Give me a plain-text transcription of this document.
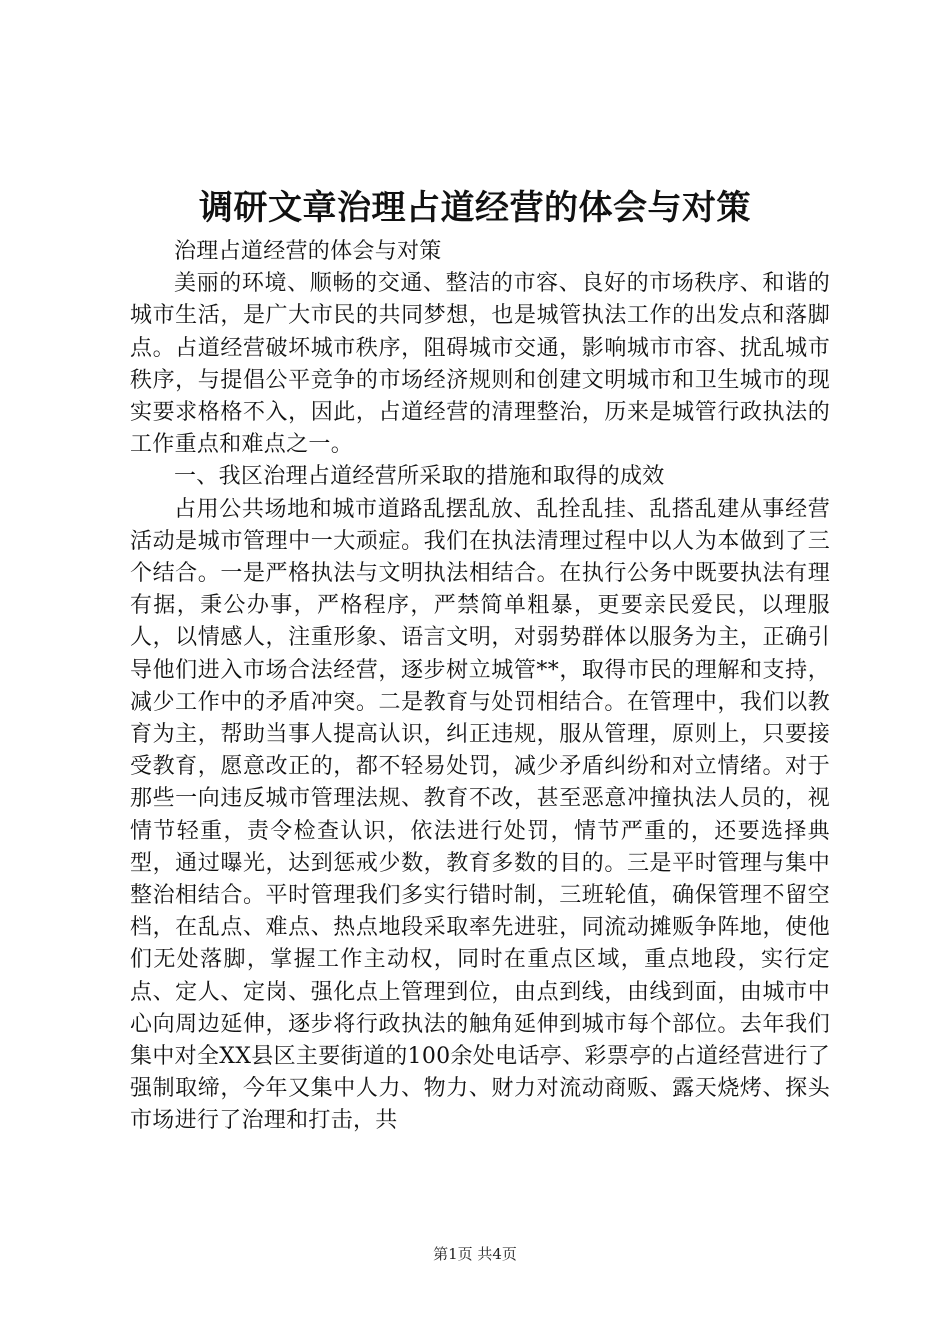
调研文章治理占道经营的体会与对策

治理占道经营的体会与对策

美丽的环境、顺畅的交通、整洁的市容、良好的市场秩序、和谐的城市生活，是广大市民的共同梦想，也是城管执法工作的出发点和落脚点。占道经营破坏城市秩序，阻碍城市交通，影响城市市容、扰乱城市秩序，与提倡公平竞争的市场经济规则和创建文明城市和卫生城市的现实要求格格不入，因此，占道经营的清理整治，历来是城管行政执法的工作重点和难点之一。

一、我区治理占道经营所采取的措施和取得的成效

占用公共场地和城市道路乱摆乱放、乱拴乱挂、乱搭乱建从事经营活动是城市管理中一大顽症。我们在执法清理过程中以人为本做到了三个结合。一是严格执法与文明执法相结合。在执行公务中既要执法有理有据，秉公办事，严格程序，严禁简单粗暴，更要亲民爱民，以理服人，以情感人，注重形象、语言文明，对弱势群体以服务为主，正确引导他们进入市场合法经营，逐步树立城管**，取得市民的理解和支持，减少工作中的矛盾冲突。二是教育与处罚相结合。在管理中，我们以教育为主，帮助当事人提高认识，纠正违规，服从管理，原则上，只要接受教育，愿意改正的，都不轻易处罚，减少矛盾纠纷和对立情绪。对于那些一向违反城市管理法规、教育不改，甚至恶意冲撞执法人员的，视情节轻重，责令检查认识，依法进行处罚，情节严重的，还要选择典型，通过曝光，达到惩戒少数，教育多数的目的。三是平时管理与集中整治相结合。平时管理我们多实行错时制，三班轮值，确保管理不留空档，在乱点、难点、热点地段采取率先进驻，同流动摊贩争阵地，使他们无处落脚，掌握工作主动权，同时在重点区域，重点地段，实行定点、定人、定岗、强化点上管理到位，由点到线，由线到面，由城市中心向周边延伸，逐步将行政执法的触角延伸到城市每个部位。去年我们集中对全XX县区主要街道的100余处电话亭、彩票亭的占道经营进行了强制取缔，今年又集中人力、物力、财力对流动商贩、露天烧烤、探头市场进行了治理和打击，共

第1页 共4页
